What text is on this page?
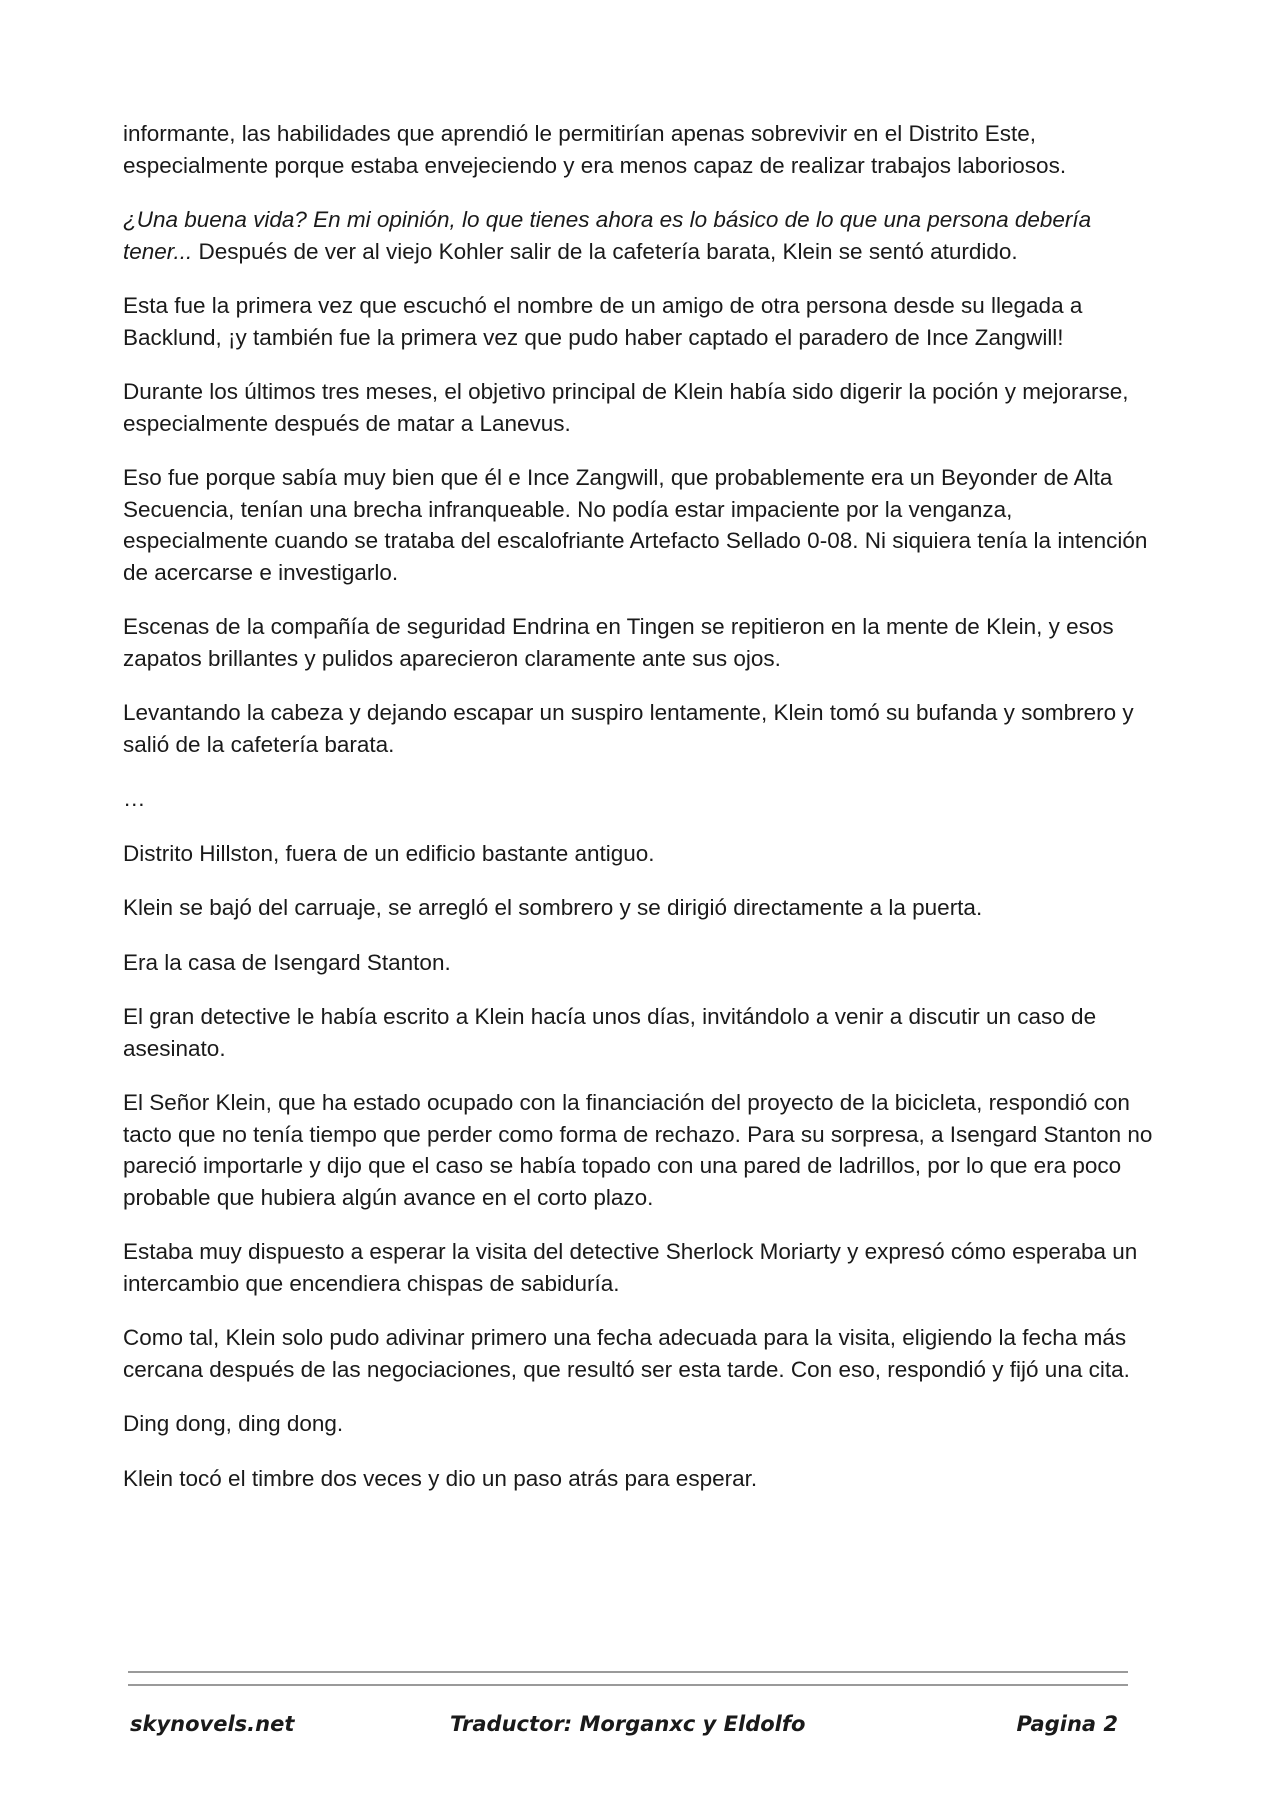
informante, las habilidades que aprendió le permitirían apenas sobrevivir en el Distrito Este, especialmente porque estaba envejeciendo y era menos capaz de realizar trabajos laboriosos.

¿Una buena vida? En mi opinión, lo que tienes ahora es lo básico de lo que una persona debería tener... Después de ver al viejo Kohler salir de la cafetería barata, Klein se sentó aturdido.

Esta fue la primera vez que escuchó el nombre de un amigo de otra persona desde su llegada a Backlund, ¡y también fue la primera vez que pudo haber captado el paradero de Ince Zangwill!

Durante los últimos tres meses, el objetivo principal de Klein había sido digerir la poción y mejorarse, especialmente después de matar a Lanevus.

Eso fue porque sabía muy bien que él e Ince Zangwill, que probablemente era un Beyonder de Alta Secuencia, tenían una brecha infranqueable. No podía estar impaciente por la venganza, especialmente cuando se trataba del escalofriante Artefacto Sellado 0-08. Ni siquiera tenía la intención de acercarse e investigarlo.

Escenas de la compañía de seguridad Endrina en Tingen se repitieron en la mente de Klein, y esos zapatos brillantes y pulidos aparecieron claramente ante sus ojos.

Levantando la cabeza y dejando escapar un suspiro lentamente, Klein tomó su bufanda y sombrero y salió de la cafetería barata.

…

Distrito Hillston, fuera de un edificio bastante antiguo.

Klein se bajó del carruaje, se arregló el sombrero y se dirigió directamente a la puerta.

Era la casa de Isengard Stanton.

El gran detective le había escrito a Klein hacía unos días, invitándolo a venir a discutir un caso de asesinato.

El Señor Klein, que ha estado ocupado con la financiación del proyecto de la bicicleta, respondió con tacto que no tenía tiempo que perder como forma de rechazo. Para su sorpresa, a Isengard Stanton no pareció importarle y dijo que el caso se había topado con una pared de ladrillos, por lo que era poco probable que hubiera algún avance en el corto plazo.

Estaba muy dispuesto a esperar la visita del detective Sherlock Moriarty y expresó cómo esperaba un intercambio que encendiera chispas de sabiduría.

Como tal, Klein solo pudo adivinar primero una fecha adecuada para la visita, eligiendo la fecha más cercana después de las negociaciones, que resultó ser esta tarde. Con eso, respondió y fijó una cita.

Ding dong, ding dong.

Klein tocó el timbre dos veces y dio un paso atrás para esperar.

skynovels.net	Traductor: Morganxc y Eldolfo	Pagina 2
